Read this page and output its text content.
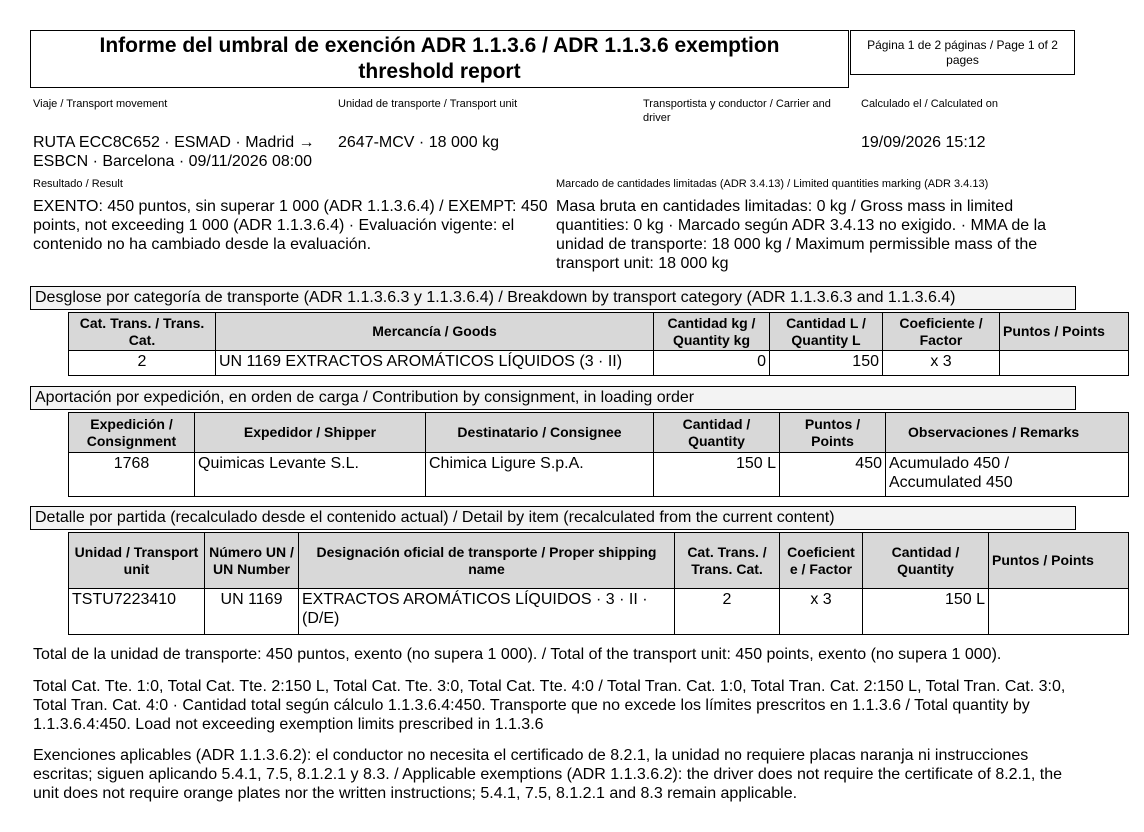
Informe del umbral de exención ADR 1.1.3.6 / ADR 1.1.3.6 exemption threshold report
Página 1 de 2 páginas / Page 1 of 2 pages
Viaje / Transport movement
RUTA ECC8C652 · ESMAD · Madrid → ESBCN · Barcelona · 09/11/2026 08:00
Unidad de transporte / Transport unit
2647-MCV · 18 000 kg
Transportista y conductor / Carrier and driver
Calculado el / Calculated on
19/09/2026 15:12
Resultado / Result
EXENTO: 450 puntos, sin superar 1 000 (ADR 1.1.3.6.4) / EXEMPT: 450 points, not exceeding 1 000 (ADR 1.1.3.6.4) · Evaluación vigente: el contenido no ha cambiado desde la evaluación.
Marcado de cantidades limitadas (ADR 3.4.13) / Limited quantities marking (ADR 3.4.13)
Masa bruta en cantidades limitadas: 0 kg / Gross mass in limited quantities: 0 kg · Marcado según ADR 3.4.13 no exigido. · MMA de la unidad de transporte: 18 000 kg / Maximum permissible mass of the transport unit: 18 000 kg
Desglose por categoría de transporte (ADR 1.1.3.6.3 y 1.1.3.6.4) / Breakdown by transport category (ADR 1.1.3.6.3 and 1.1.3.6.4)
Cat. Trans. / Trans. Cat.	Mercancía / Goods	Cantidad kg / Quantity kg	Cantidad L / Quantity L	Coeficiente / Factor	Puntos / Points
2	UN 1169 EXTRACTOS AROMÁTICOS LÍQUIDOS (3 · II)	0	150	x 3	
Aportación por expedición, en orden de carga / Contribution by consignment, in loading order
Expedición / Consignment	Expedidor / Shipper	Destinatario / Consignee	Cantidad / Quantity	Puntos / Points	Observaciones / Remarks
1768	Quimicas Levante S.L.	Chimica Ligure S.p.A.	150 L	450	Acumulado 450 / Accumulated 450
Detalle por partida (recalculado desde el contenido actual) / Detail by item (recalculated from the current content)
Unidad / Transport unit	Número UN / UN Number	Designación oficial de transporte / Proper shipping name	Cat. Trans. / Trans. Cat.	Coeficient e / Factor	Cantidad / Quantity	Puntos / Points
TSTU7223410	UN 1169	EXTRACTOS AROMÁTICOS LÍQUIDOS · 3 · II · (D/E)	2	x 3	150 L	
Total de la unidad de transporte: 450 puntos, exento (no supera 1 000). / Total of the transport unit: 450 points, exento (no supera 1 000).
Total Cat. Tte. 1:0, Total Cat. Tte. 2:150 L, Total Cat. Tte. 3:0, Total Cat. Tte. 4:0 / Total Tran. Cat. 1:0, Total Tran. Cat. 2:150 L, Total Tran. Cat. 3:0, Total Tran. Cat. 4:0 · Cantidad total según cálculo 1.1.3.6.4:450. Transporte que no excede los límites prescritos en 1.1.3.6 / Total quantity by 1.1.3.6.4:450. Load not exceeding exemption limits prescribed in 1.1.3.6
Exenciones aplicables (ADR 1.1.3.6.2): el conductor no necesita el certificado de 8.2.1, la unidad no requiere placas naranja ni instrucciones escritas; siguen aplicando 5.4.1, 7.5, 8.1.2.1 y 8.3. / Applicable exemptions (ADR 1.1.3.6.2): the driver does not require the certificate of 8.2.1, the unit does not require orange plates nor the written instructions; 5.4.1, 7.5, 8.1.2.1 and 8.3 remain applicable.
